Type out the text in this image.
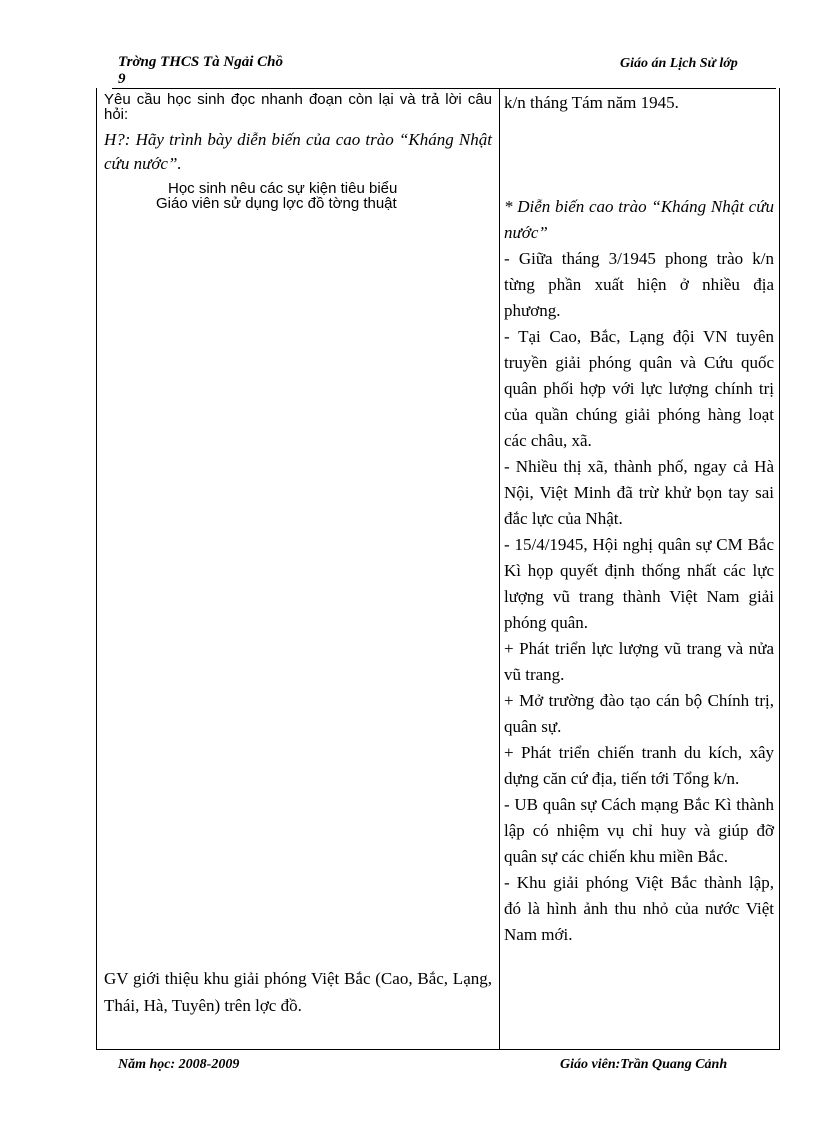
Trờng THCS Tà Ngải Chồ
9
Giáo án Lịch Sử lớp

Yêu cầu học sinh đọc nhanh đoạn còn lại và trả lời câu hỏi:

H?: Hãy trình bày diễn biến của cao trào “Kháng Nhật cứu nước”.

Học sinh nêu các sự kiện tiêu biểu

Giáo viên sử dụng lợc đồ tờng thuật

GV giới thiệu khu giải phóng Việt Bắc (Cao, Bắc, Lạng, Thái, Hà, Tuyên) trên lợc đồ.

k/n tháng Tám năm 1945.

* Diễn biến cao trào “Kháng Nhật cứu nước”

- Giữa tháng 3/1945 phong trào k/n từng phần xuất hiện ở nhiều địa phương.

- Tại Cao, Bắc, Lạng đội VN tuyên truyền giải phóng quân và Cứu quốc quân phối hợp với lực lượng chính trị của quần chúng giải phóng hàng loạt các châu, xã.

- Nhiều thị xã, thành phố, ngay cả Hà Nội, Việt Minh đã trừ khử bọn tay sai đắc lực của Nhật.

- 15/4/1945, Hội nghị quân sự CM Bắc Kì họp quyết định thống nhất các lực lượng vũ trang thành Việt Nam giải phóng quân.

+ Phát triển lực lượng vũ trang và nửa vũ trang.

+ Mở trường đào tạo cán bộ Chính trị, quân sự.

+ Phát triển chiến tranh du kích, xây dựng căn cứ địa, tiến tới Tổng k/n.

- UB quân sự Cách mạng Bắc Kì thành lập có nhiệm vụ chỉ huy và giúp đỡ quân sự các chiến khu miền Bắc.

- Khu giải phóng Việt Bắc thành lập, đó là hình ảnh thu nhỏ của nước Việt Nam mới.

Năm học: 2008-2009	Giáo viên:Trần Quang Cảnh
